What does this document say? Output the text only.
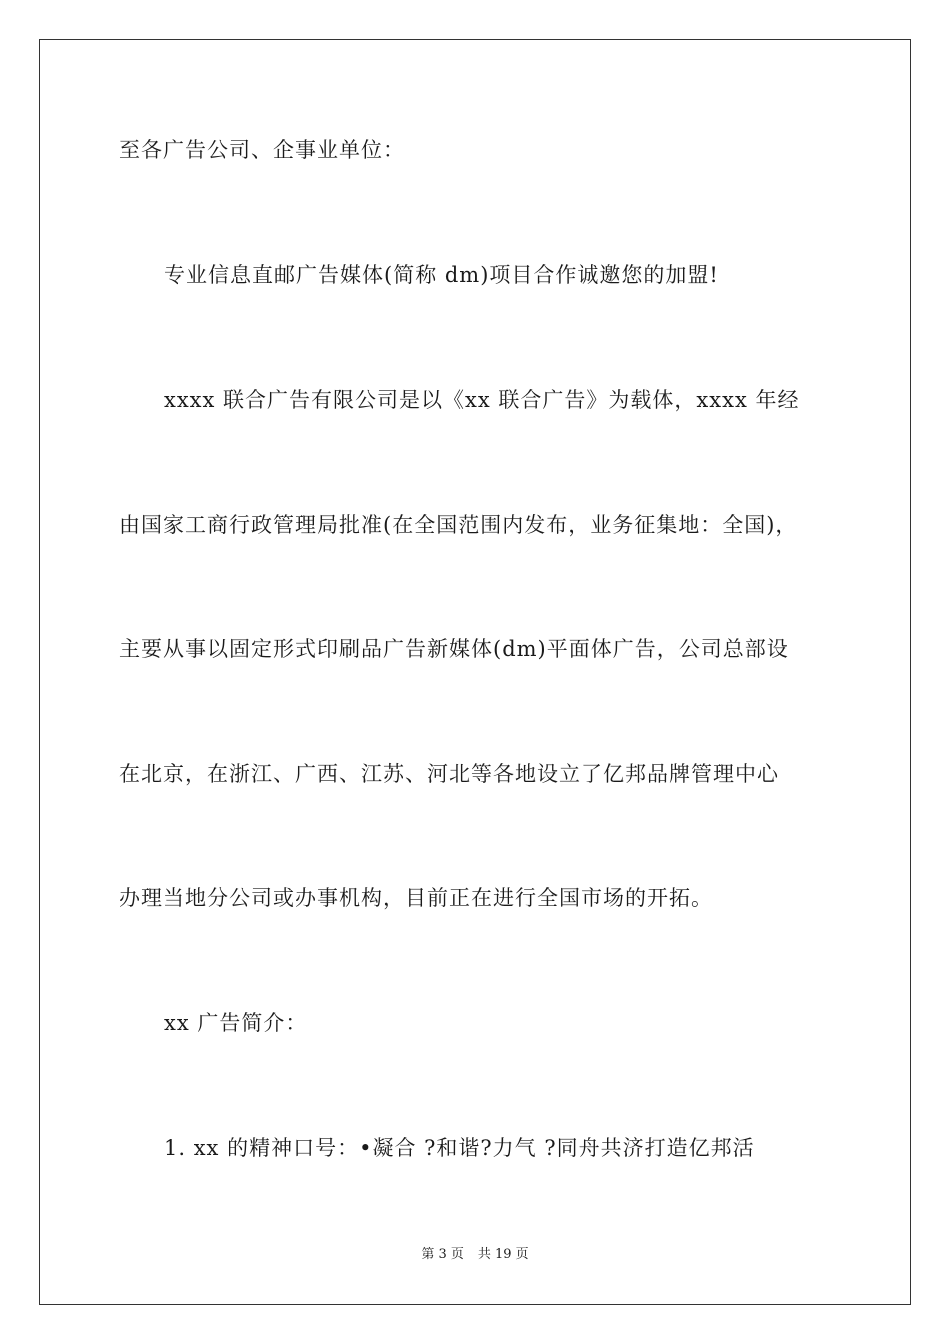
至各广告公司、企事业单位：
专业信息直邮广告媒体(简称 dm)项目合作诚邀您的加盟!
xxxx 联合广告有限公司是以《xx 联合广告》为载体，xxxx 年经
由国家工商行政管理局批准(在全国范围内发布，业务征集地：全国)，
主要从事以固定形式印刷品广告新媒体(dm)平面体广告，公司总部设
在北京，在浙江、广西、江苏、河北等各地设立了亿邦品牌管理中心
办理当地分公司或办事机构，目前正在进行全国市场的开拓。
xx 广告简介：
1. xx 的精神口号：•凝合 ?和谐?力气 ?同舟共济打造亿邦活
第 3 页 共 19 页
